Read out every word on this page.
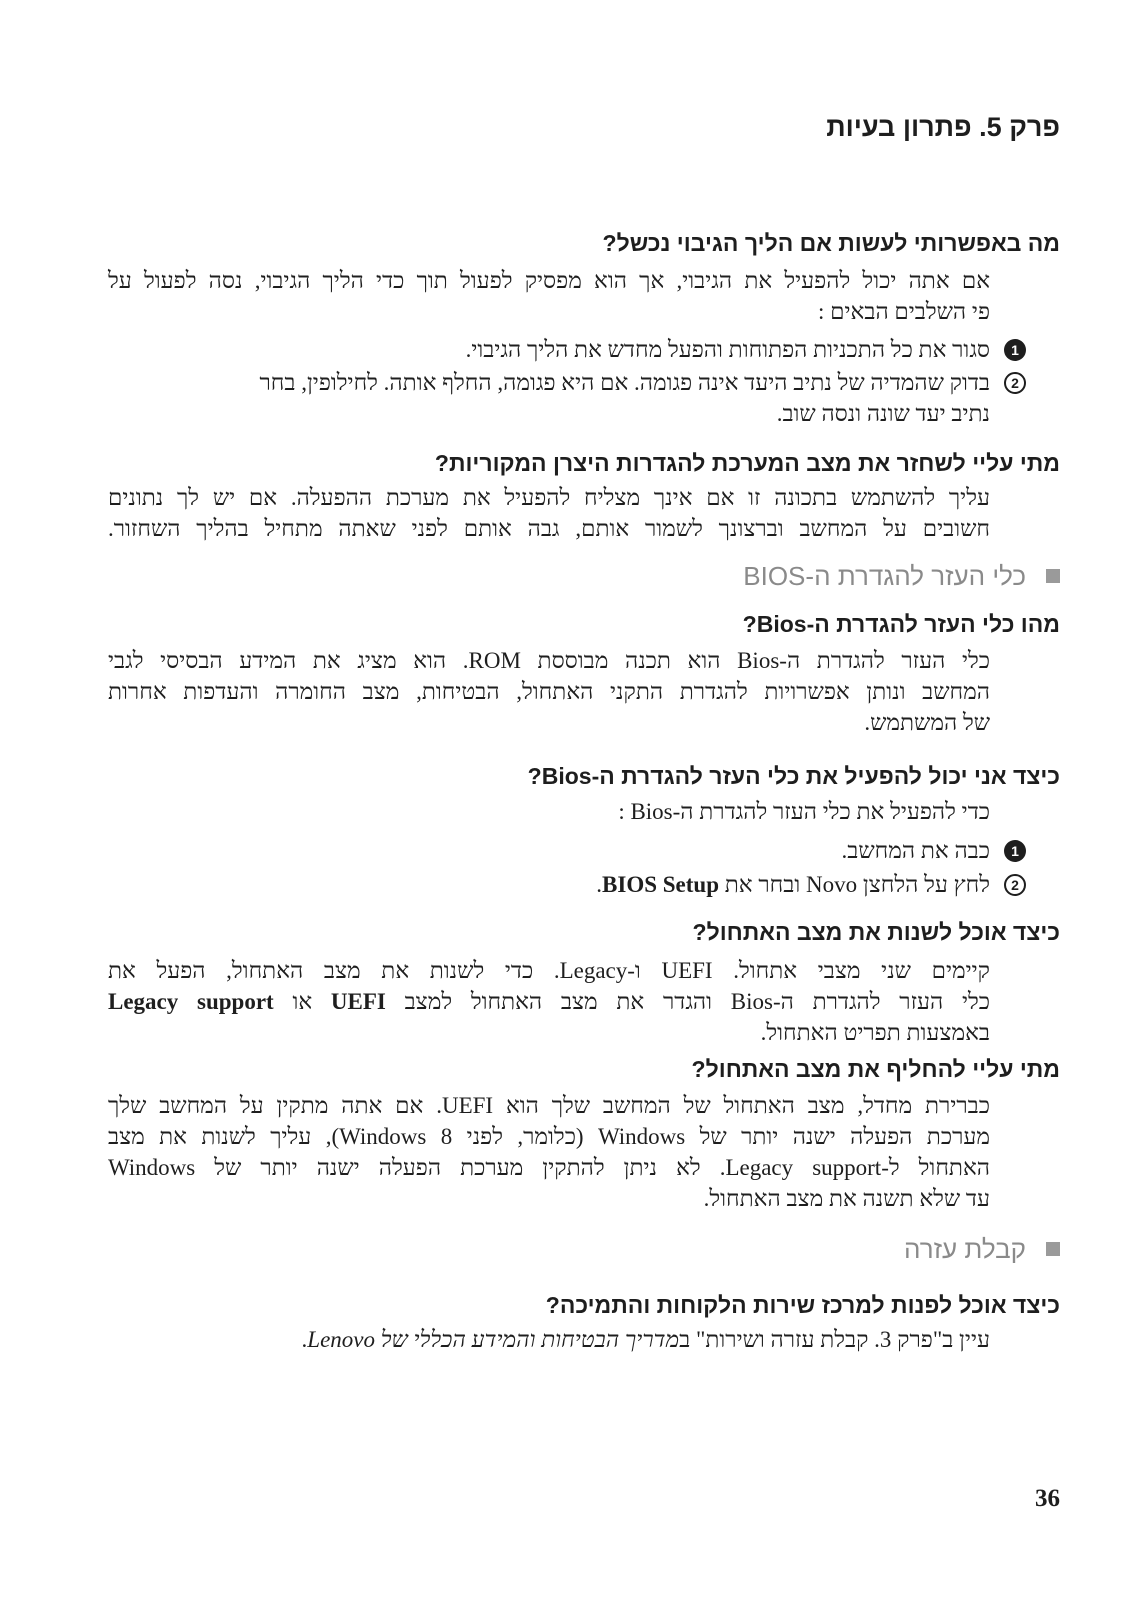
פרק 5. פתרון בעיות
מה באפשרותי לעשות אם הליך הגיבוי נכשל?
אם אתה יכול להפעיל את הגיבוי, אך הוא מפסיק לפעול תוך כדי הליך הגיבוי, נסה לפעול על
פי השלבים הבאים :
1
סגור את כל התכניות הפתוחות והפעל מחדש את הליך הגיבוי.
2
בדוק שהמדיה של נתיב היעד אינה פגומה. אם היא פגומה, החלף אותה. לחילופין, בחר
נתיב יעד שונה ונסה שוב.
מתי עליי לשחזר את מצב המערכת להגדרות היצרן המקוריות?
עליך להשתמש בתכונה זו אם אינך מצליח להפעיל את מערכת ההפעלה. אם יש לך נתונים
חשובים על המחשב וברצונך לשמור אותם, גבה אותם לפני שאתה מתחיל בהליך השחזור.
כלי העזר להגדרת ה-BIOS
מהו כלי העזר להגדרת ה-Bios?
כלי העזר להגדרת ה-Bios הוא תכנה מבוססת ROM. הוא מציג את המידע הבסיסי לגבי
המחשב ונותן אפשרויות להגדרת התקני האתחול, הבטיחות, מצב החומרה והעדפות אחרות
של המשתמש.
כיצד אני יכול להפעיל את כלי העזר להגדרת ה-Bios?
כדי להפעיל את כלי העזר להגדרת ה-Bios :
1
כבה את המחשב.
2
לחץ על הלחצן Novo ובחר את BIOS Setup.
כיצד אוכל לשנות את מצב האתחול?
קיימים שני מצבי אתחול. UEFI ו-Legacy. כדי לשנות את מצב האתחול, הפעל את
כלי העזר להגדרת ה-Bios והגדר את מצב האתחול למצב UEFI או Legacy support
באמצעות תפריט האתחול.
מתי עליי להחליף את מצב האתחול?
כברירת מחדל, מצב האתחול של המחשב שלך הוא UEFI. אם אתה מתקין על המחשב שלך
מערכת הפעלה ישנה יותר של Windows (כלומר, לפני Windows 8), עליך לשנות את מצב
האתחול ל-Legacy support. לא ניתן להתקין מערכת הפעלה ישנה יותר של Windows
עד שלא תשנה את מצב האתחול.
קבלת עזרה
כיצד אוכל לפנות למרכז שירות הלקוחות והתמיכה?
עיין ב"פרק 3. קבלת עזרה ושירות" במדריך הבטיחות והמידע הכללי של Lenovo.
36
